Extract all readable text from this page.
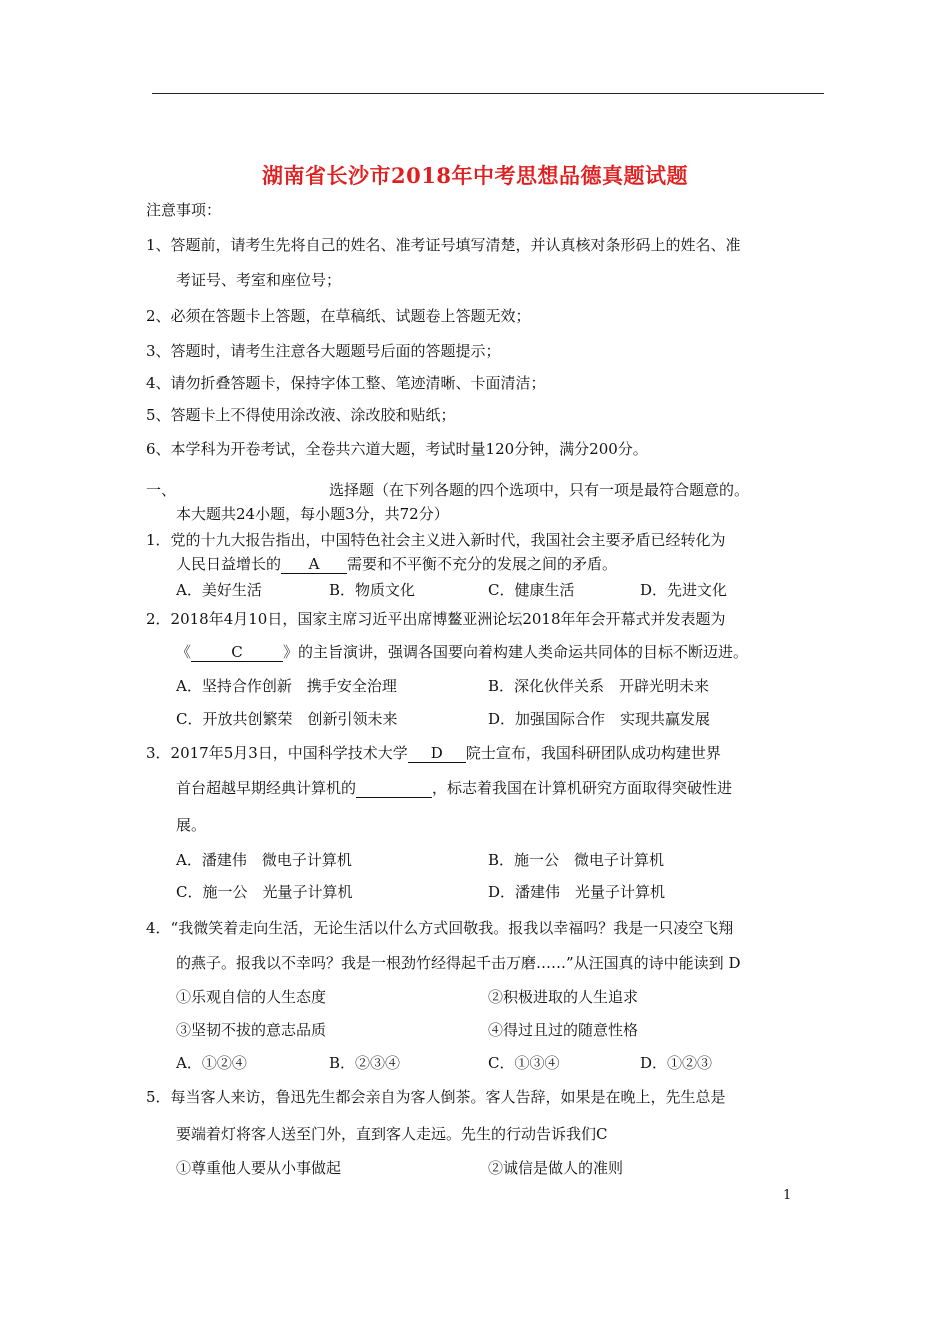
湖南省长沙市2018年中考思想品德真题试题
注意事项：
1、答题前，请考生先将自己的姓名、准考证号填写清楚，并认真核对条形码上的姓名、准
考证号、考室和座位号；
2、必须在答题卡上答题，在草稿纸、试题卷上答题无效；
3、答题时，请考生注意各大题题号后面的答题提示；
4、请勿折叠答题卡，保持字体工整、笔迹清晰、卡面清洁；
5、答题卡上不得使用涂改液、涂改胶和贴纸；
6、本学科为开卷考试，全卷共六道大题，考试时量120分钟，满分200分。
一、	选择题（在下列各题的四个选项中，只有一项是最符合题意的。
本大题共24小题，每小题3分，共72分）
1．党的十九大报告指出，中国特色社会主义进入新时代，我国社会主要矛盾已经转化为
人民日益增长的 A 需要和不平衡不充分的发展之间的矛盾。
A．美好生活	B．物质文化	C．健康生活	D．先进文化
2．2018年4月10日，国家主席习近平出席博鳌亚洲论坛2018年年会开幕式并发表题为
《	C	》的主旨演讲，强调各国要向着构建人类命运共同体的目标不断迈进。
A．坚持合作创新　携手安全治理	B．深化伙伴关系　开辟光明未来
C．开放共创繁荣　创新引领未来	D．加强国际合作　实现共赢发展
3．2017年5月3日，中国科学技术大学 D 院士宣布，我国科研团队成功构建世界
首台超越早期经典计算机的	，标志着我国在计算机研究方面取得突破性进
展。
A．潘建伟　微电子计算机	B．施一公　微电子计算机
C．施一公　光量子计算机	D．潘建伟　光量子计算机
4．“我微笑着走向生活，无论生活以什么方式回敬我。报我以幸福吗？我是一只凌空飞翔
的燕子。报我以不幸吗？我是一根劲竹经得起千击万磨……”从汪国真的诗中能读到 D
①乐观自信的人生态度	②积极进取的人生追求
③坚韧不拔的意志品质	④得过且过的随意性格
A．①②④	B．②③④	C．①③④	D．①②③
5．每当客人来访，鲁迅先生都会亲自为客人倒茶。客人告辞，如果是在晚上，先生总是
要端着灯将客人送至门外，直到客人走远。先生的行动告诉我们C
①尊重他人要从小事做起	②诚信是做人的准则
1
